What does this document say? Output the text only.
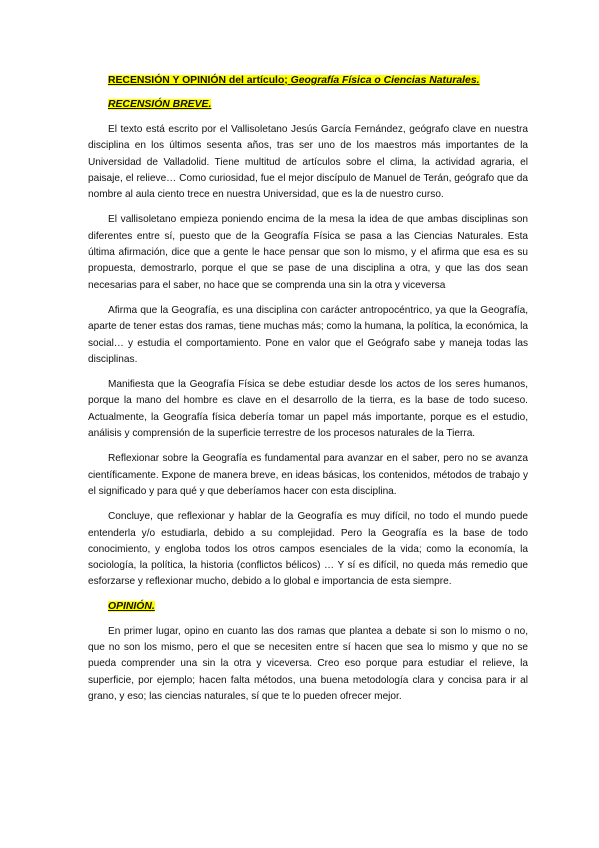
RECENSIÓN Y OPINIÓN del artículo; Geografía Física o Ciencias Naturales.
RECENSIÓN BREVE.

El texto está escrito por el Vallisoletano Jesús García Fernández, geógrafo clave en nuestra disciplina en los últimos sesenta años, tras ser uno de los maestros más importantes de la Universidad de Valladolid. Tiene multitud de artículos sobre el clima, la actividad agraria, el paisaje, el relieve… Como curiosidad, fue el mejor discípulo de Manuel de Terán, geógrafo que da nombre al aula ciento trece en nuestra Universidad, que es la de nuestro curso.

El vallisoletano empieza poniendo encima de la mesa la idea de que ambas disciplinas son diferentes entre sí, puesto que de la Geografía Física se pasa a las Ciencias Naturales. Esta última afirmación, dice que a gente le hace pensar que son lo mismo, y el afirma que esa es su propuesta, demostrarlo, porque el que se pase de una disciplina a otra, y que las dos sean necesarias para el saber, no hace que se comprenda una sin la otra y viceversa

Afirma que la Geografía, es una disciplina con carácter antropocéntrico, ya que la Geografía, aparte de tener estas dos ramas, tiene muchas más; como la humana, la política, la económica, la social… y estudia el comportamiento. Pone en valor que el Geógrafo sabe y maneja todas las disciplinas.

Manifiesta que la Geografía Física se debe estudiar desde los actos de los seres humanos, porque la mano del hombre es clave en el desarrollo de la tierra, es la base de todo suceso. Actualmente, la Geografía física debería tomar un papel más importante, porque es el estudio, análisis y comprensión de la superficie terrestre de los procesos naturales de la Tierra.

Reflexionar sobre la Geografía es fundamental para avanzar en el saber, pero no se avanza científicamente. Expone de manera breve, en ideas básicas, los contenidos, métodos de trabajo y el significado y para qué y que deberíamos hacer con esta disciplina.

Concluye, que reflexionar y hablar de la Geografía es muy difícil, no todo el mundo puede entenderla y/o estudiarla, debido a su complejidad. Pero la Geografía es la base de todo conocimiento, y engloba todos los otros campos esenciales de la vida; como la economía, la sociología, la política, la historia (conflictos bélicos) … Y sí es difícil, no queda más remedio que esforzarse y reflexionar mucho, debido a lo global e importancia de esta siempre.

OPINIÓN.

En primer lugar, opino en cuanto las dos ramas que plantea a debate si son lo mismo o no, que no son los mismo, pero el que se necesiten entre sí hacen que sea lo mismo y que no se pueda comprender una sin la otra y viceversa. Creo eso porque para estudiar el relieve, la superficie, por ejemplo; hacen falta métodos, una buena metodología clara y concisa para ir al grano, y eso; las ciencias naturales, sí que te lo pueden ofrecer mejor.
